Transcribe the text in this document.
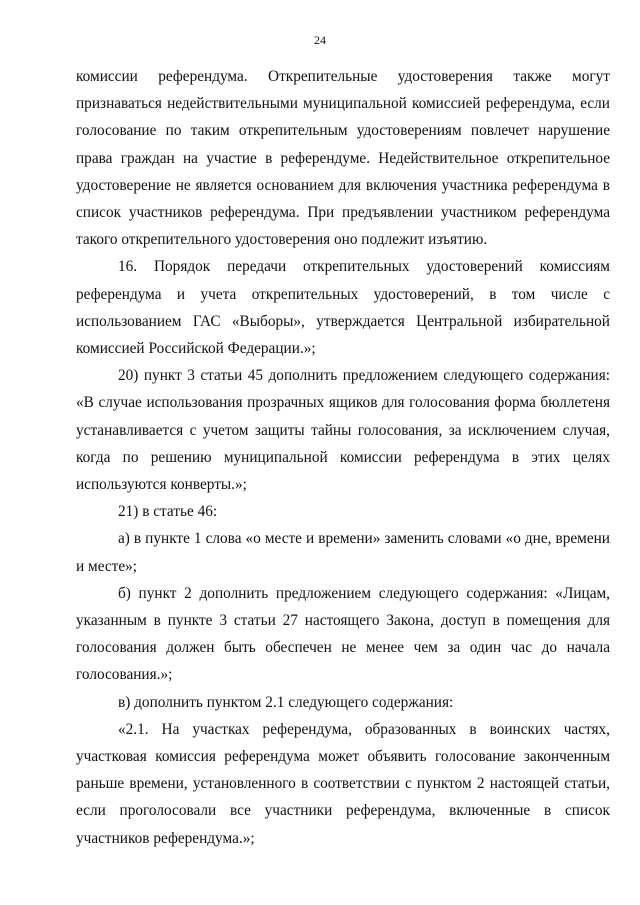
24

комиссии референдума. Открепительные удостоверения также могут признаваться недействительными муниципальной комиссией референдума, если голосование по таким открепительным удостоверениям повлечет нарушение права граждан на участие в референдуме. Недействительное открепительное удостоверение не является основанием для включения участника референдума в список участников референдума. При предъявлении участником референдума такого открепительного удостоверения оно подлежит изъятию.

16. Порядок передачи открепительных удостоверений комиссиям референдума и учета открепительных удостоверений, в том числе с использованием ГАС «Выборы», утверждается Центральной избирательной комиссией Российской Федерации.»;

20) пункт 3 статьи 45 дополнить предложением следующего содержания: «В случае использования прозрачных ящиков для голосования форма бюллетеня устанавливается с учетом защиты тайны голосования, за исключением случая, когда по решению муниципальной комиссии референдума в этих целях используются конверты.»;

21) в статье 46:

а) в пункте 1 слова «о месте и времени» заменить словами «о дне, времени и месте»;

б) пункт 2 дополнить предложением следующего содержания: «Лицам, указанным в пункте 3 статьи 27 настоящего Закона, доступ в помещения для голосования должен быть обеспечен не менее чем за один час до начала голосования.»;

в) дополнить пунктом 2.1 следующего содержания:

«2.1. На участках референдума, образованных в воинских частях, участковая комиссия референдума может объявить голосование законченным раньше времени, установленного в соответствии с пунктом 2 настоящей статьи, если проголосовали все участники референдума, включенные в список участников референдума.»;
